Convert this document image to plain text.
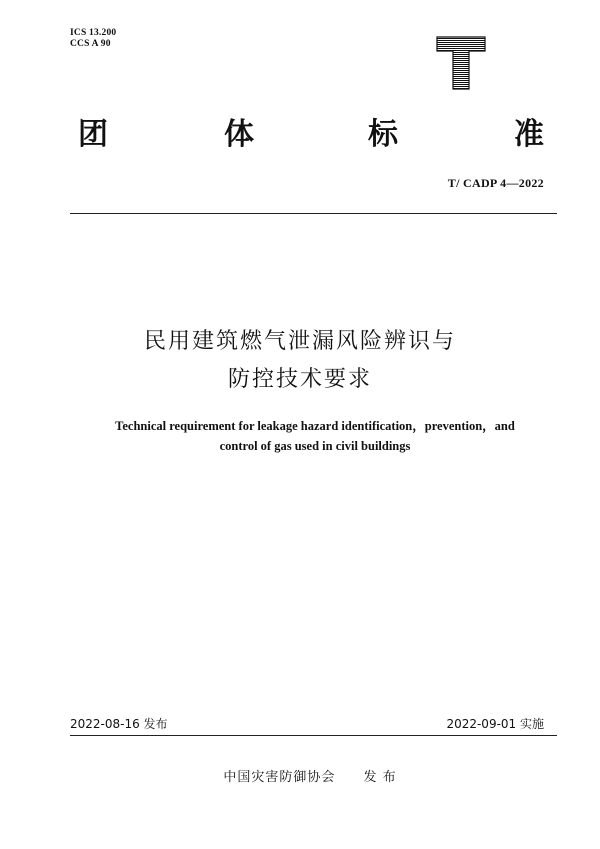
ICS 13.200
CCS A 90
T
团	体	标	准
T/ CADP 4—2022
民用建筑燃气泄漏风险辨识与
防控技术要求
Technical requirement for leakage hazard identification，prevention，and
control of gas used in civil buildings
2022-08-16 发布	2022-09-01 实施
中国灾害防御协会 发 布
